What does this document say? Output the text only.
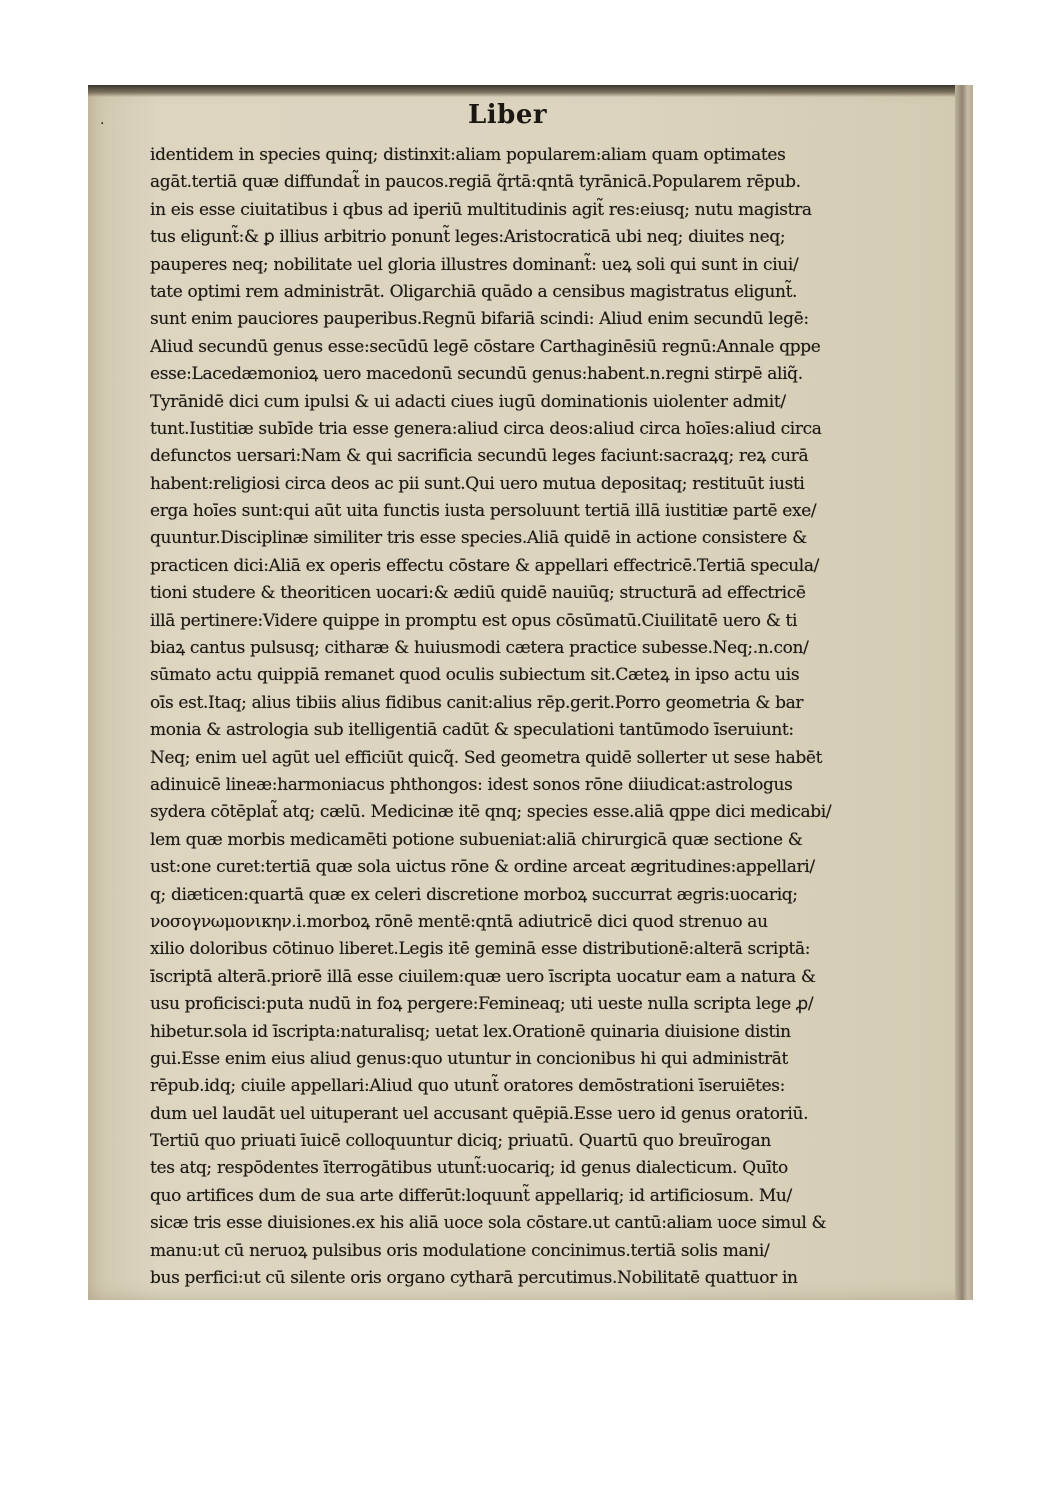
·	Liber
identidem in species quinq; distinxit:aliam popularem:aliam quam optimates
agāt.tertiā quæ diffundat̃ in paucos.regiā q̃rtā:qntā tyrānicā.Popularem rēpub.
in eis esse ciuitatibus i qbus ad iperiū multitudinis agit̃ res:eiusq; nutu magistra
tus eligunt̃:& ꝑ illius arbitrio ponunt̃ leges:Aristocraticā ubi neq; diuites neq;
pauperes neq; nobilitate uel gloria illustres dominant̃: ueꝝ soli qui sunt in ciui/
tate optimi rem administrāt. Oligarchiā quādo a censibus magistratus eligunt̃.
sunt enim pauciores pauperibus.Regnū bifariā scindi: Aliud enim secundū legē:
Aliud secundū genus esse:secūdū legē cōstare Carthaginēsiū regnū:Annale qppe
esse:Lacedæmonioꝝ uero macedonū secundū genus:habent.n.regni stirpē aliq̃.
Tyrānidē dici cum ipulsi & ui adacti ciues iugū dominationis uiolenter admit/
tunt.Iustitiæ subīde tria esse genera:aliud circa deos:aliud circa hoīes:aliud circa
defunctos uersari:Nam & qui sacrificia secundū leges faciunt:sacraꝝq; reꝝ curā
habent:religiosi circa deos ac pii sunt.Qui uero mutua depositaq; restituūt iusti
erga hoīes sunt:qui aūt uita functis iusta persoluunt tertiā illā iustitiæ partē exe/
quuntur.Disciplinæ similiter tris esse species.Aliā quidē in actione consistere &
practicen dici:Aliā ex operis effectu cōstare & appellari effectricē.Tertiā specula/
tioni studere & theoriticen uocari:& ædiū quidē nauiūq; structurā ad effectricē
illā pertinere:Videre quippe in promptu est opus cōsūmatū.Ciuilitatē uero & ti
biaꝝ cantus pulsusq; citharæ & huiusmodi cætera practice subesse.Neq;.n.con/
sūmato actu quippiā remanet quod oculis subiectum sit.Cæteꝝ in ipso actu uis
oīs est.Itaq; alius tibiis alius fidibus canit:alius rēp.gerit.Porro geometria & bar
monia & astrologia sub itelligentiā cadūt & speculationi tantūmodo īseruiunt:
Neq; enim uel agūt uel efficiūt quicq̃. Sed geometra quidē sollerter ut sese habēt
adinuicē lineæ:harmoniacus phthongos: idest sonos rōne diiudicat:astrologus
sydera cōtēplat̃ atq; cælū. Medicinæ itē qnq; species esse.aliā qppe dici medicabi/
lem quæ morbis medicamēti potione subueniat:aliā chirurgicā quæ sectione &
ust:one curet:tertiā quæ sola uictus rōne & ordine arceat ægritudines:appellari/
q; diæticen:quartā quæ ex celeri discretione morboꝝ succurrat ægris:uocariq;
νοσογνωμονικην.i.morboꝝ rōnē mentē:qntā adiutricē dici quod strenuo au
xilio doloribus cōtinuo liberet.Legis itē geminā esse distributionē:alterā scriptā:
īscriptā alterā.priorē illā esse ciuilem:quæ uero īscripta uocatur eam a natura &
usu proficisci:puta nudū in foꝝ pergere:Femineaq; uti ueste nulla scripta lege ꝓ/
hibetur.sola id īscripta:naturalisq; uetat lex.Orationē quinaria diuisione distin
gui.Esse enim eius aliud genus:quo utuntur in concionibus hi qui administrāt
rēpub.idq; ciuile appellari:Aliud quo utunt̃ oratores demōstrationi īseruiētes:
dum uel laudāt uel uituperant uel accusant quēpiā.Esse uero id genus oratoriū.
Tertiū quo priuati īuicē colloquuntur diciq; priuatū. Quartū quo breuīrogan
tes atq; respōdentes īterrogātibus utunt̃:uocariq; id genus dialecticum. Quīto
quo artifices dum de sua arte differūt:loquunt̃ appellariq; id artificiosum. Mu/
sicæ tris esse diuisiones.ex his aliā uoce sola cōstare.ut cantū:aliam uoce simul &
manu:ut cū neruoꝝ pulsibus oris modulatione concinimus.tertiā solis mani/
bus perfici:ut cū silente oris organo cytharā percutimus.Nobilitatē quattuor in
